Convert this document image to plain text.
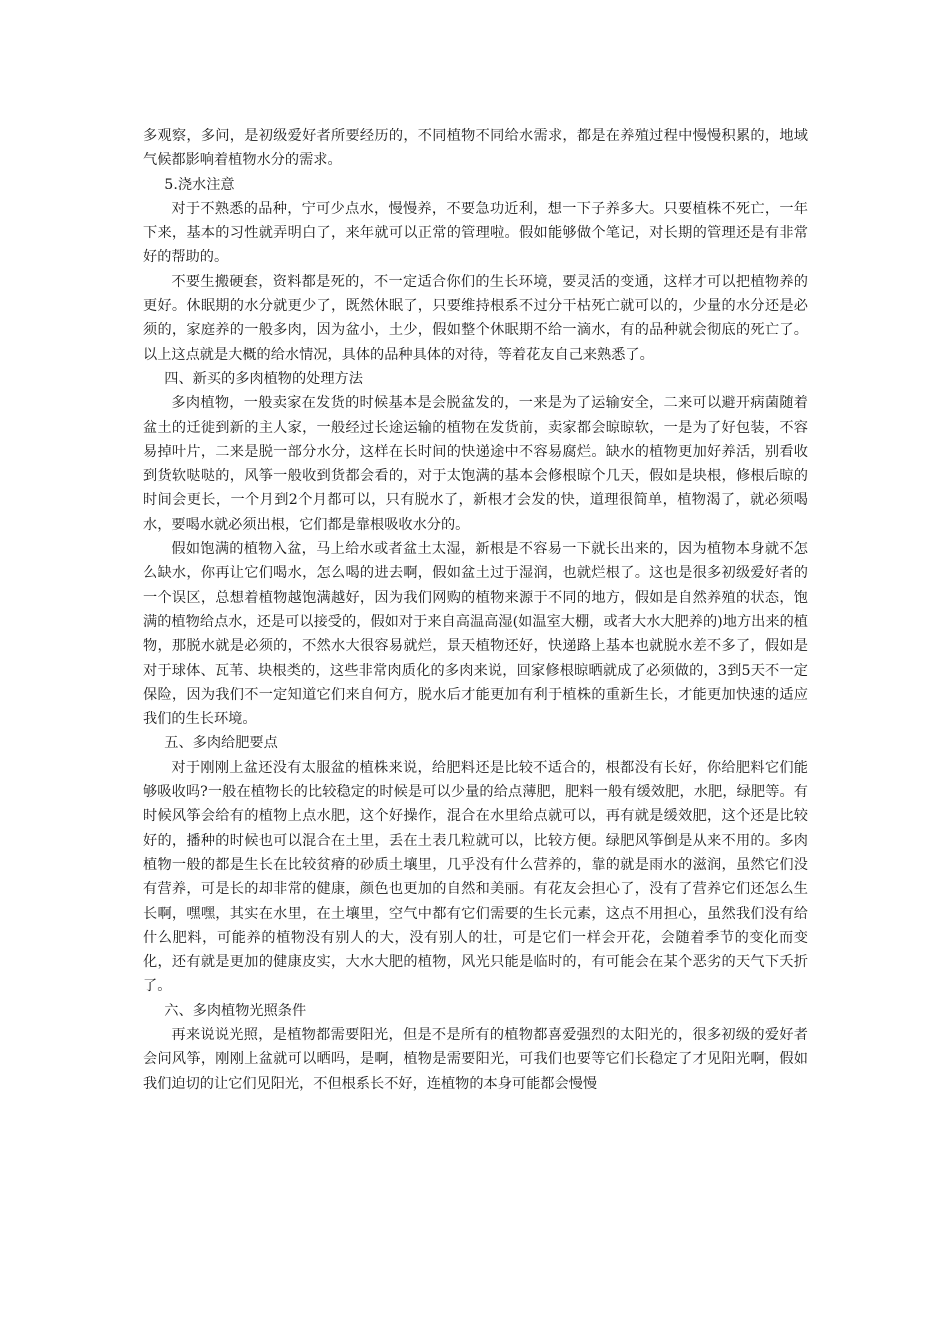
多观察，多问，是初级爱好者所要经历的，不同植物不同给水需求，都是在养殖过程中慢慢积累的，地域气候都影响着植物水分的需求。

5.浇水注意

对于不熟悉的品种，宁可少点水，慢慢养，不要急功近利，想一下子养多大。只要植株不死亡，一年下来，基本的习性就弄明白了，来年就可以正常的管理啦。假如能够做个笔记，对长期的管理还是有非常好的帮助的。

不要生搬硬套，资料都是死的，不一定适合你们的生长环境，要灵活的变通，这样才可以把植物养的更好。休眠期的水分就更少了，既然休眠了，只要维持根系不过分干枯死亡就可以的，少量的水分还是必须的，家庭养的一般多肉，因为盆小，土少，假如整个休眠期不给一滴水，有的品种就会彻底的死亡了。以上这点就是大概的给水情况，具体的品种具体的对待，等着花友自己来熟悉了。

四、新买的多肉植物的处理方法

多肉植物，一般卖家在发货的时候基本是会脱盆发的，一来是为了运输安全，二来可以避开病菌随着盆土的迁徙到新的主人家，一般经过长途运输的植物在发货前，卖家都会晾晾软，一是为了好包装，不容易掉叶片，二来是脱一部分水分，这样在长时间的快递途中不容易腐烂。缺水的植物更加好养活，别看收到货软哒哒的，风筝一般收到货都会看的，对于太饱满的基本会修根晾个几天，假如是块根，修根后晾的时间会更长，一个月到2个月都可以，只有脱水了，新根才会发的快，道理很简单，植物渴了，就必须喝水，要喝水就必须出根，它们都是靠根吸收水分的。

假如饱满的植物入盆，马上给水或者盆土太湿，新根是不容易一下就长出来的，因为植物本身就不怎么缺水，你再让它们喝水，怎么喝的进去啊，假如盆土过于湿润，也就烂根了。这也是很多初级爱好者的一个误区，总想着植物越饱满越好，因为我们网购的植物来源于不同的地方，假如是自然养殖的状态，饱满的植物给点水，还是可以接受的，假如对于来自高温高湿(如温室大棚，或者大水大肥养的)地方出来的植物，那脱水就是必须的，不然水大很容易就烂，景天植物还好，快递路上基本也就脱水差不多了，假如是对于球体、瓦苇、块根类的，这些非常肉质化的多肉来说，回家修根晾晒就成了必须做的，3到5天不一定保险，因为我们不一定知道它们来自何方，脱水后才能更加有利于植株的重新生长，才能更加快速的适应我们的生长环境。

五、多肉给肥要点

对于刚刚上盆还没有太服盆的植株来说，给肥料还是比较不适合的，根都没有长好，你给肥料它们能够吸收吗?一般在植物长的比较稳定的时候是可以少量的给点薄肥，肥料一般有缓效肥，水肥，绿肥等。有时候风筝会给有的植物上点水肥，这个好操作，混合在水里给点就可以，再有就是缓效肥，这个还是比较好的，播种的时候也可以混合在土里，丢在土表几粒就可以，比较方便。绿肥风筝倒是从来不用的。多肉植物一般的都是生长在比较贫瘠的砂质土壤里，几乎没有什么营养的，靠的就是雨水的滋润，虽然它们没有营养，可是长的却非常的健康，颜色也更加的自然和美丽。有花友会担心了，没有了营养它们还怎么生长啊，嘿嘿，其实在水里，在土壤里，空气中都有它们需要的生长元素，这点不用担心，虽然我们没有给什么肥料，可能养的植物没有别人的大，没有别人的壮，可是它们一样会开花，会随着季节的变化而变化，还有就是更加的健康皮实，大水大肥的植物，风光只能是临时的，有可能会在某个恶劣的天气下夭折了。

六、多肉植物光照条件

再来说说光照，是植物都需要阳光，但是不是所有的植物都喜爱强烈的太阳光的，很多初级的爱好者会问风筝，刚刚上盆就可以晒吗，是啊，植物是需要阳光，可我们也要等它们长稳定了才见阳光啊，假如我们迫切的让它们见阳光，不但根系长不好，连植物的本身可能都会慢慢
